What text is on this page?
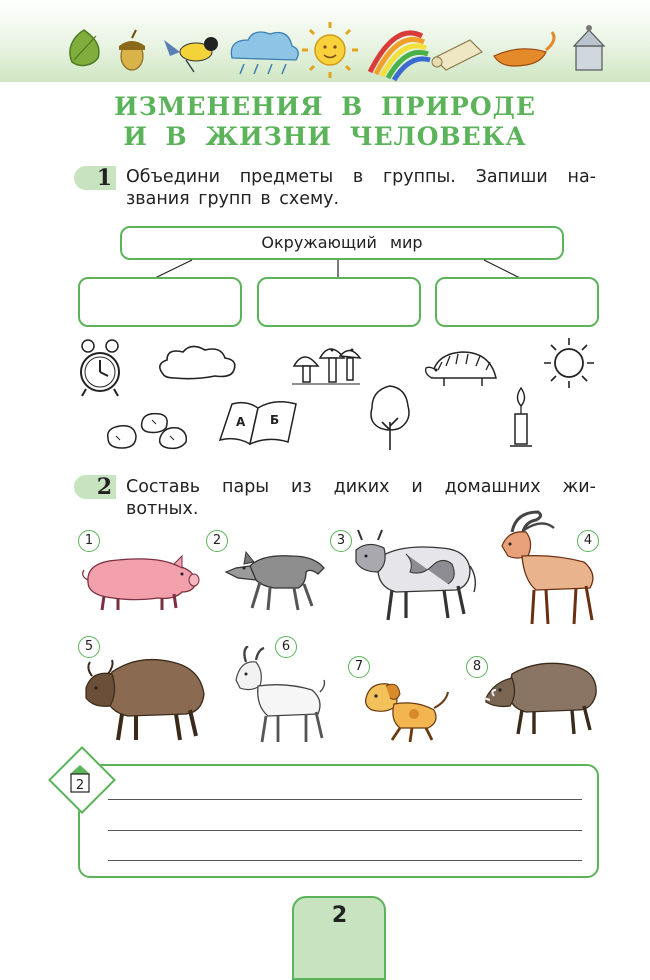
ИЗМЕНЕНИЯ В ПРИРОДЕ
И В ЖИЗНИ ЧЕЛОВЕКА
1 Объедини предметы в группы. Запиши на-
звания групп в схему.
Окружающий мир
А Б
2 Составь пары из диких и домашних жи-
вотных.
1	2	3	4
5	6
7	8
2
2
